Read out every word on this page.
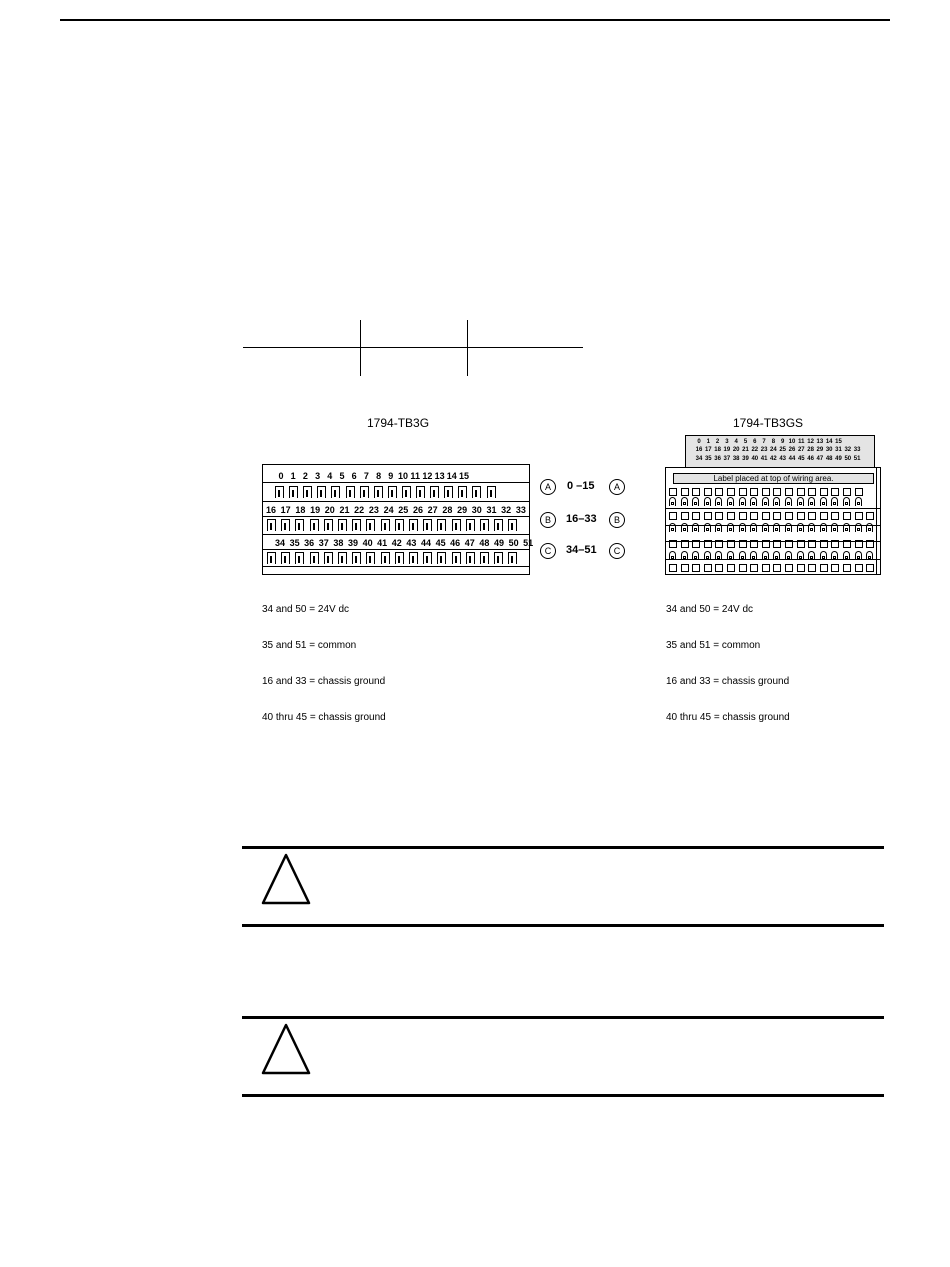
1794-TB3G
0 1 2 3 4 5 6 7 8 9 10 11 12 13 14 15
16 17 18 19 20 21 22 23 24 25 26 27 28 29 30 31 32 33
34 35 36 37 38 39 40 41 42 43 44 45 46 47 48 49 50 51
A	0 –15	A
B	16–33	B
C	34–51	C

34 and 50 = 24V dc

35 and 51 = common

16 and 33 = chassis ground

40 thru 45 = chassis ground

1794-TB3GS
0 1 2 3 4 5 6 7 8 9 10 11 12 13 14 15
16 17 18 19 20 21 22 23 24 25 26 27 28 29 30 31 32 33
34 35 36 37 38 39 40 41 42 43 44 45 46 47 48 49 50 51
Label placed at top of wiring area.

34 and 50 = 24V dc

35 and 51 = common

16 and 33 = chassis ground

40 thru 45 = chassis ground
